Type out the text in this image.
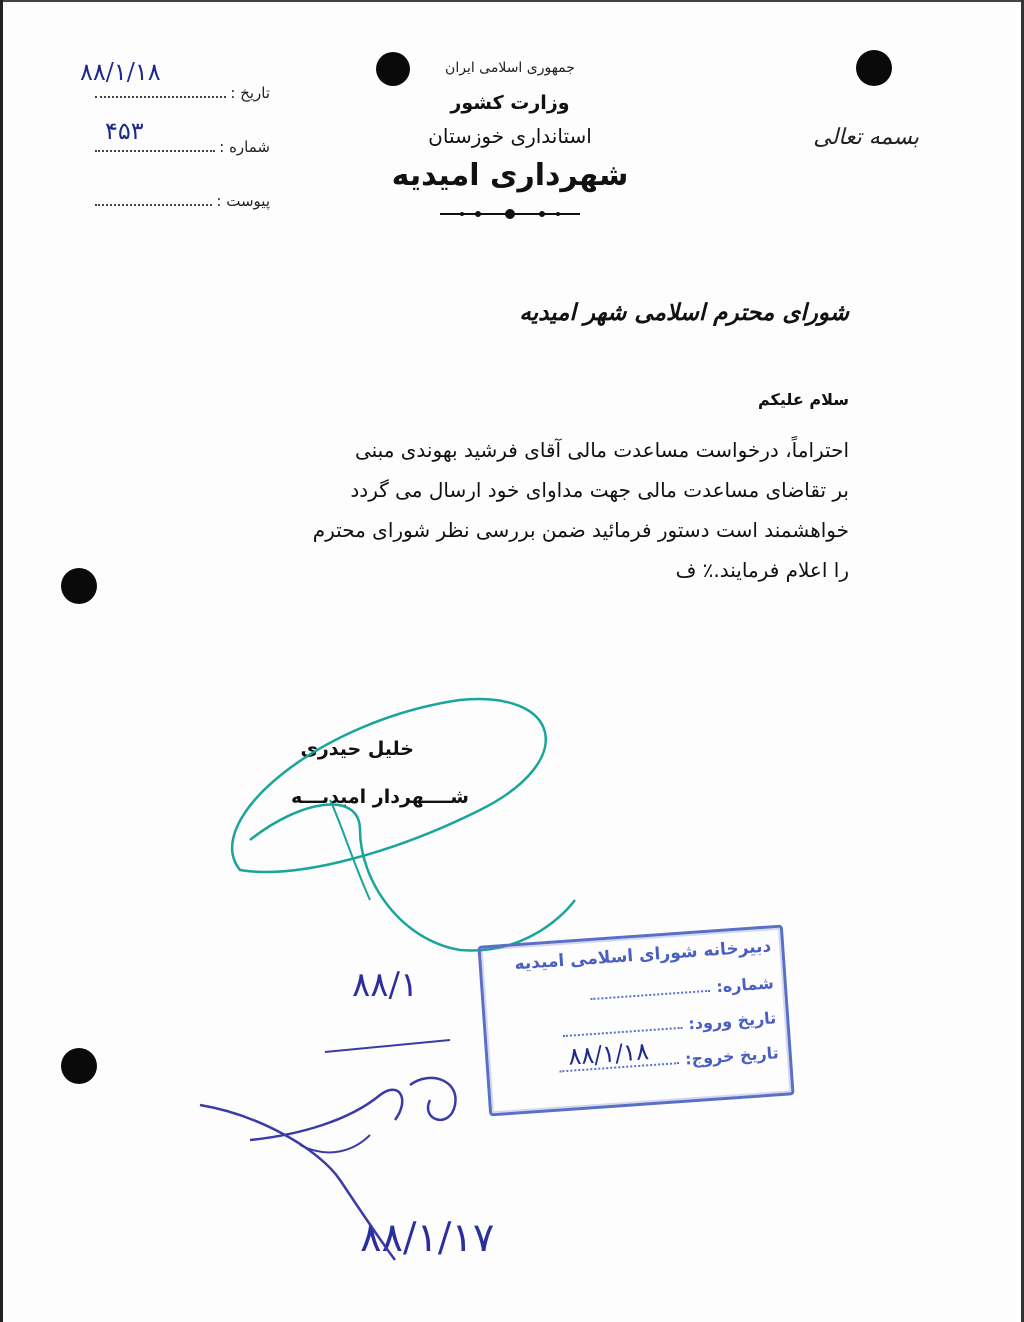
تاریخ :
۸۸/۱/۱۸
شماره :
۴۵۳
پیوست :
جمهوری اسلامی ایران
وزارت کشور
استانداری خوزستان
شهرداری امیدیه
بسمه تعالی
شورای محترم اسلامی شهر امیدیه
سلام علیکم
احتراماً، درخواست مساعدت مالی آقای فرشید بهوندی مبنی
بر تقاضای مساعدت مالی جهت مداوای خود ارسال می گردد
خواهشمند است دستور فرمائید ضمن بررسی نظر شورای محترم
را اعلام فرمایند.٪ ف
خلیل حیدری
شــــهردار امیدیـــه
دبیرخانه شورای اسلامی امیدیه
شماره:
تاریخ ورود:
تاریخ خروج:
۸۸/۱/۱۸
۸۸/۱
۸۸/۱/۱۷
